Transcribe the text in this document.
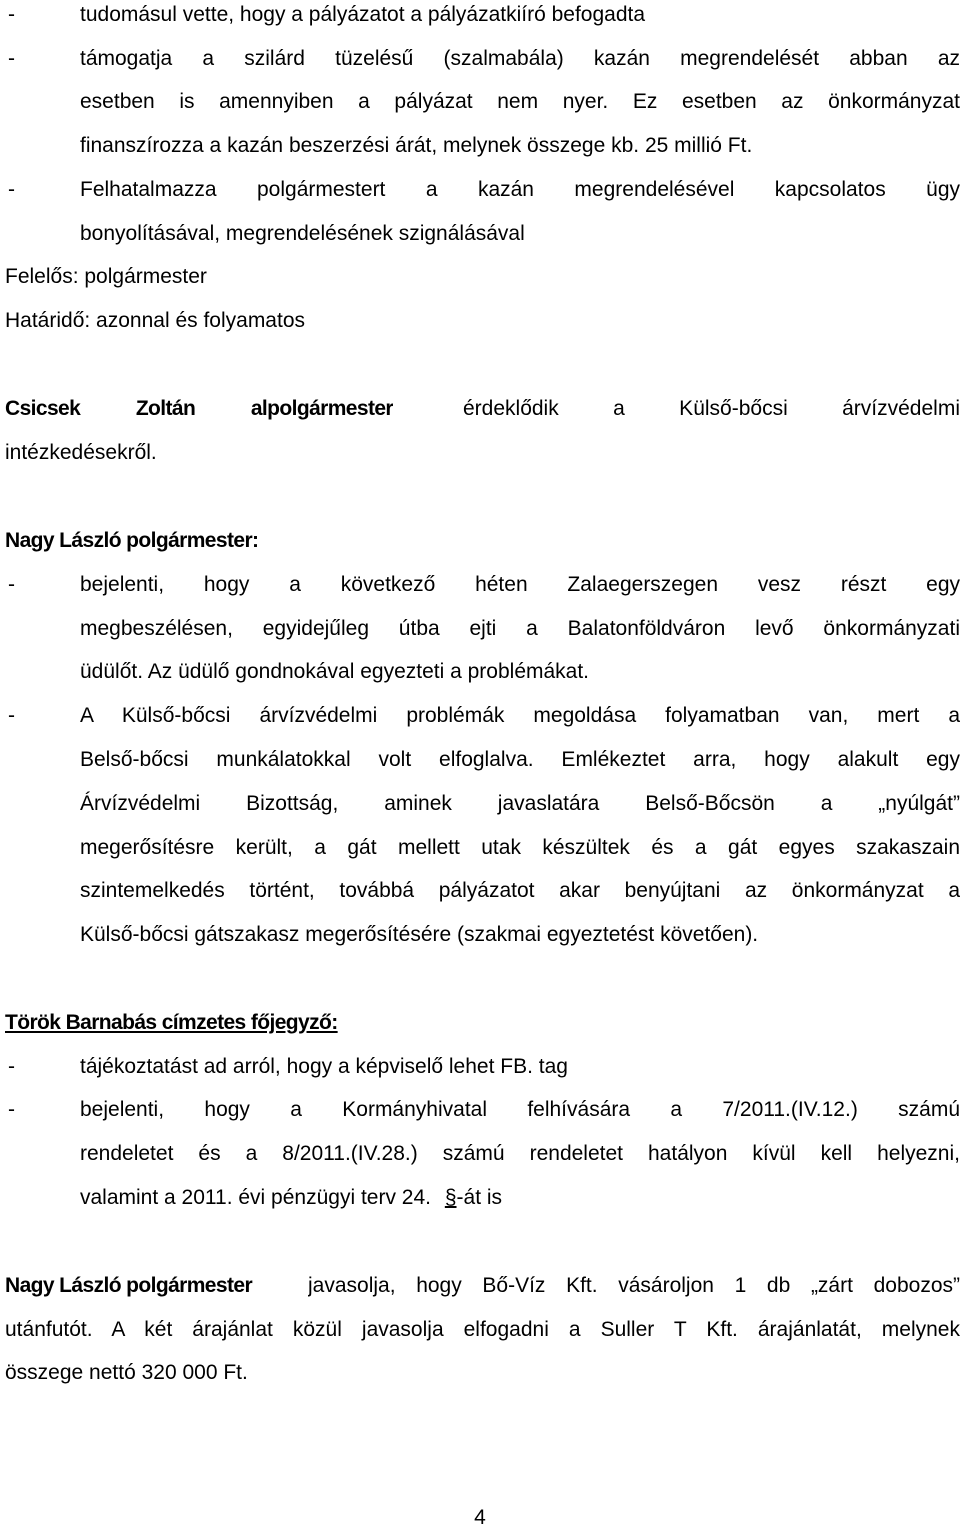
-	tudomásul vette, hogy a pályázatot a pályázatkiíró befogadta
-	támogatja a szilárd tüzelésű (szalmabála) kazán megrendelését abban az
esetben is amennyiben a pályázat nem nyer. Ez esetben az önkormányzat
finanszírozza a kazán beszerzési árát, melynek összege kb. 25 millió Ft.
-	Felhatalmazza polgármestert a kazán megrendelésével kapcsolatos ügy
bonyolításával, megrendelésének szignálásával
Felelős: polgármester
Határidő: azonnal és folyamatos
Csicsek Zoltán alpolgármester	érdeklődik a Külső-bőcsi árvízvédelmi
intézkedésekről.
Nagy László polgármester:
-	bejelenti, hogy a következő héten Zalaegerszegen vesz részt egy
megbeszélésen, egyidejűleg útba ejti a Balatonföldváron levő önkormányzati
üdülőt. Az üdülő gondnokával egyezteti a problémákat.
-	A Külső-bőcsi árvízvédelmi problémák megoldása folyamatban van, mert a
Belső-bőcsi munkálatokkal volt elfoglalva. Emlékeztet arra, hogy alakult egy
Árvízvédelmi Bizottság, aminek javaslatára Belső-Bőcsön a „nyúlgát”
megerősítésre került, a gát mellett utak készültek és a gát egyes szakaszain
szintemelkedés történt, továbbá pályázatot akar benyújtani az önkormányzat a
Külső-bőcsi gátszakasz megerősítésére (szakmai egyeztetést követően).
Török Barnabás címzetes főjegyző:
-	tájékoztatást ad arról, hogy a képviselő lehet FB. tag
-	bejelenti, hogy a Kormányhivatal felhívására a 7/2011.(IV.12.) számú
rendeletet és a 8/2011.(IV.28.) számú rendeletet hatályon kívül kell helyezni,
valamint a 2011. évi pénzügyi terv 24. §-át is
Nagy László polgármester	javasolja, hogy Bő-Víz Kft. vásároljon 1 db „zárt dobozos”
utánfutót. A két árajánlat közül javasolja elfogadni a Suller T Kft. árajánlatát, melynek
összege nettó 320 000 Ft.
4
